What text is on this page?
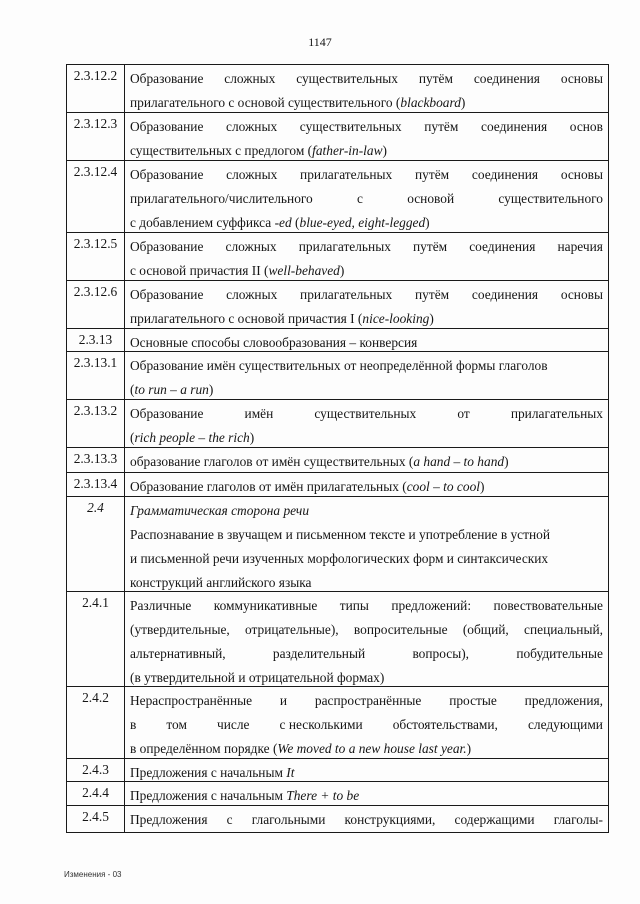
1147
2.3.12.2 Образование сложных существительных путём соединения основы
прилагательного с основой существительного (blackboard)
2.3.12.3 Образование сложных существительных путём соединения основ
существительных с предлогом (father-in-law)
2.3.12.4 Образование сложных прилагательных путём соединения основы
прилагательного/числительного	с	основой	существительного
с добавлением суффикса -ed (blue-eyed, eight-legged)
2.3.12.5 Образование сложных прилагательных путём соединения наречия
с основой причастия II (well-behaved)
2.3.12.6 Образование сложных прилагательных путём соединения основы
прилагательного с основой причастия I (nice-looking)
2.3.13	Основные способы словообразования – конверсия
2.3.13.1 Образование имён существительных от неопределённой формы глаголов
(to run – a run)
2.3.13.2 Образование	имён	существительных	от	прилагательных
(rich people – the rich)
2.3.13.3 образование глаголов от имён существительных (a hand – to hand)
2.3.13.4 Образование глаголов от имён прилагательных (cool – to cool)
2.4	Грамматическая сторона речи
Распознавание в звучащем и письменном тексте и употребление в устной
и письменной речи изученных морфологических форм и синтаксических
конструкций английского языка
2.4.1	Различные коммуникативные типы предложений: повествовательные
(утвердительные, отрицательные), вопросительные (общий, специальный,
альтернативный,	разделительный	вопросы),	побудительные
(в утвердительной и отрицательной формах)
2.4.2	Нераспространённые и распространённые простые предложения,
в том числе с несколькими обстоятельствами, следующими
в определённом порядке (We moved to a new house last year.)
2.4.3	Предложения с начальным It
2.4.4	Предложения с начальным There + to be
2.4.5	Предложения с глагольными конструкциями, содержащими глаголы-
Изменения - 03
